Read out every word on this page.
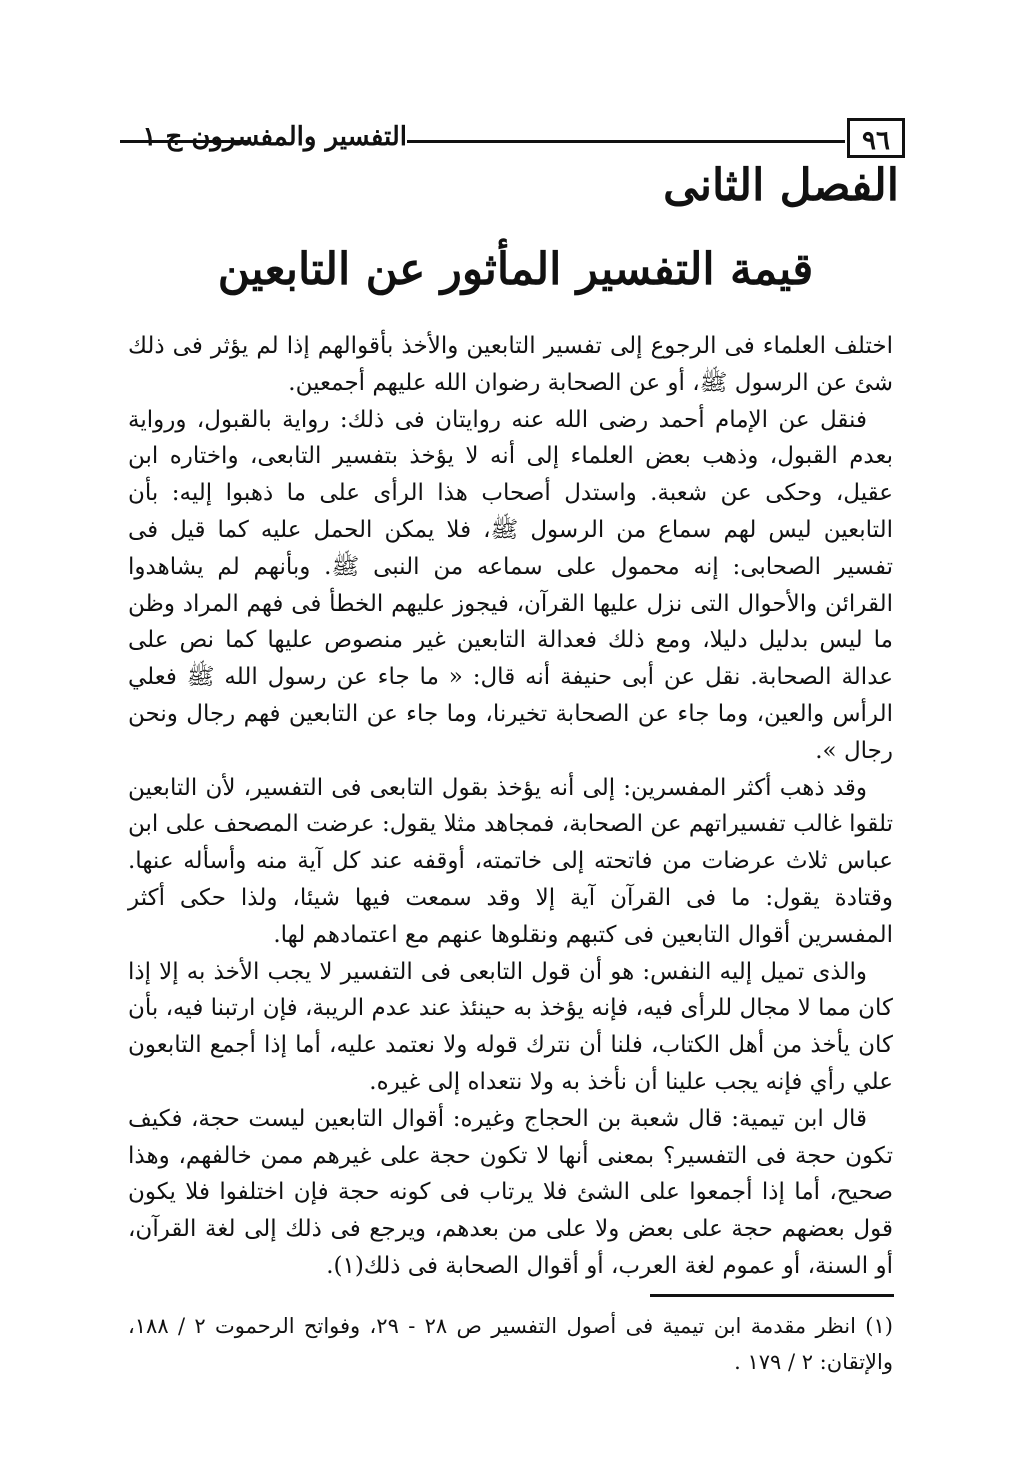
التفسير والمفسرون ج ١	٩٦
الفصل الثانى
قيمة التفسير المأثور عن التابعين

اختلف العلماء فى الرجوع إلى تفسير التابعين والأخذ بأقوالهم إذا لم يؤثر فى ذلك شئ عن الرسول ﷺ، أو عن الصحابة رضوان الله عليهم أجمعين.

فنقل عن الإمام أحمد رضى الله عنه روايتان فى ذلك: رواية بالقبول، ورواية بعدم القبول، وذهب بعض العلماء إلى أنه لا يؤخذ بتفسير التابعى، واختاره ابن عقيل، وحكى عن شعبة. واستدل أصحاب هذا الرأى على ما ذهبوا إليه: بأن التابعين ليس لهم سماع من الرسول ﷺ، فلا يمكن الحمل عليه كما قيل فى تفسير الصحابى: إنه محمول على سماعه من النبى ﷺ. وبأنهم لم يشاهدوا القرائن والأحوال التى نزل عليها القرآن، فيجوز عليهم الخطأ فى فهم المراد وظن ما ليس بدليل دليلا، ومع ذلك فعدالة التابعين غير منصوص عليها كما نص على عدالة الصحابة. نقل عن أبى حنيفة أنه قال: « ما جاء عن رسول الله ﷺ فعلي الرأس والعين، وما جاء عن الصحابة تخيرنا، وما جاء عن التابعين فهم رجال ونحن رجال ».

وقد ذهب أكثر المفسرين: إلى أنه يؤخذ بقول التابعى فى التفسير، لأن التابعين تلقوا غالب تفسيراتهم عن الصحابة، فمجاهد مثلا يقول: عرضت المصحف على ابن عباس ثلاث عرضات من فاتحته إلى خاتمته، أوقفه عند كل آية منه وأسأله عنها. وقتادة يقول: ما فى القرآن آية إلا وقد سمعت فيها شيئا، ولذا حكى أكثر المفسرين أقوال التابعين فى كتبهم ونقلوها عنهم مع اعتمادهم لها.

والذى تميل إليه النفس: هو أن قول التابعى فى التفسير لا يجب الأخذ به إلا إذا كان مما لا مجال للرأى فيه، فإنه يؤخذ به حينئذ عند عدم الريبة، فإن ارتبنا فيه، بأن كان يأخذ من أهل الكتاب، فلنا أن نترك قوله ولا نعتمد عليه، أما إذا أجمع التابعون علي رأي فإنه يجب علينا أن نأخذ به ولا نتعداه إلى غيره.

قال ابن تيمية: قال شعبة بن الحجاج وغيره: أقوال التابعين ليست حجة، فكيف تكون حجة فى التفسير؟ بمعنى أنها لا تكون حجة على غيرهم ممن خالفهم، وهذا صحيح، أما إذا أجمعوا على الشئ فلا يرتاب فى كونه حجة فإن اختلفوا فلا يكون قول بعضهم حجة على بعض ولا على من بعدهم، ويرجع فى ذلك إلى لغة القرآن، أو السنة، أو عموم لغة العرب، أو أقوال الصحابة فى ذلك(١).

(١) انظر مقدمة ابن تيمية فى أصول التفسير ص ٢٨ - ٢٩، وفواتح الرحموت ٢ / ١٨٨، والإتقان: ٢ / ١٧٩ .
